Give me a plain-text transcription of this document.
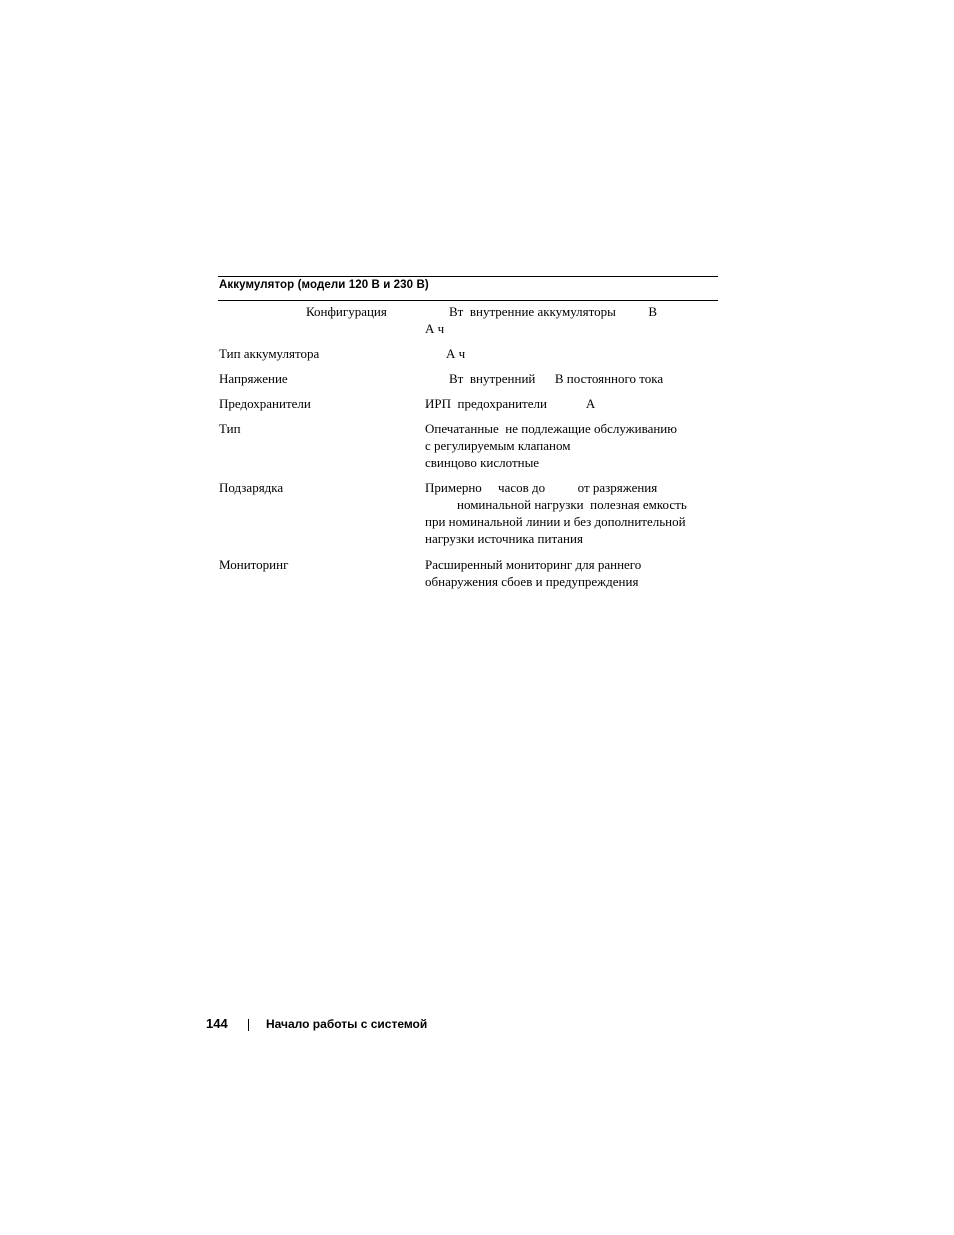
Аккумулятор (модели 120 В и 230 В)
Конфигурация	Вт  внутренние аккумуляторы          В
А ч
Тип аккумулятора	А ч
Напряжение	Вт  внутренний      В постоянного тока
Предохранители	ИРП  предохранители            А
Тип	Опечатанные  не подлежащие обслуживанию
с регулируемым клапаном
свинцово кислотные
Подзарядка	Примерно     часов до          от разряжения
номинальной нагрузки  полезная емкость
при номинальной линии и без дополнительной
нагрузки источника питания
Мониторинг	Расширенный мониторинг для раннего
обнаружения сбоев и предупреждения
144	Начало работы с системой
